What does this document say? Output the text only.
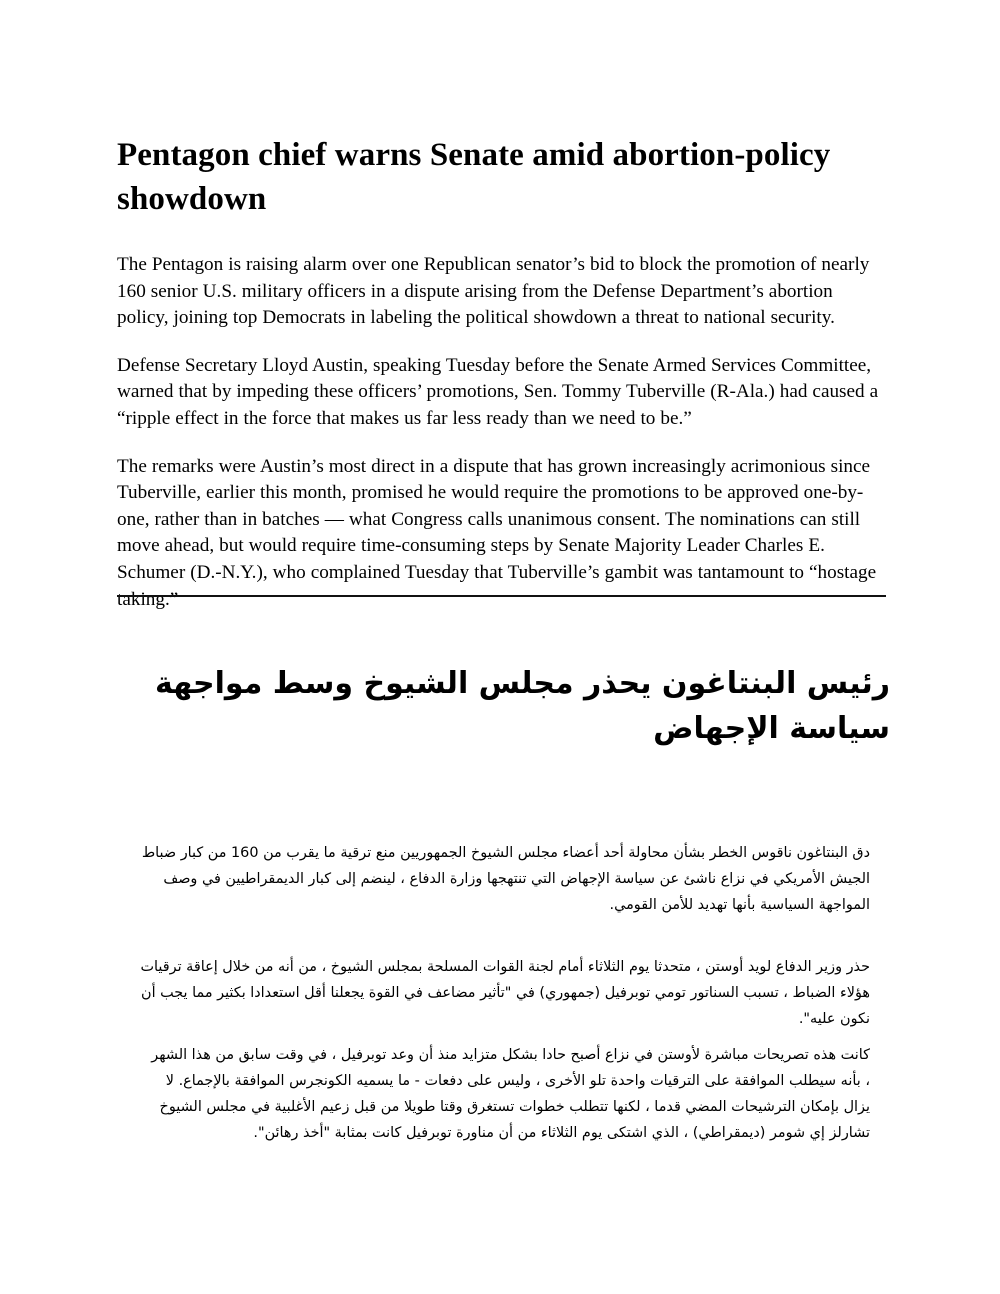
Pentagon chief warns Senate amid abortion-policy showdown

The Pentagon is raising alarm over one Republican senator’s bid to block the promotion of nearly 160 senior U.S. military officers in a dispute arising from the Defense Department’s abortion policy, joining top Democrats in labeling the political showdown a threat to national security.

Defense Secretary Lloyd Austin, speaking Tuesday before the Senate Armed Services Committee, warned that by impeding these officers’ promotions, Sen. Tommy Tuberville (R-Ala.) had caused a “ripple effect in the force that makes us far less ready than we need to be.”

The remarks were Austin’s most direct in a dispute that has grown increasingly acrimonious since Tuberville, earlier this month, promised he would require the promotions to be approved one-by-one, rather than in batches — what Congress calls unanimous consent. The nominations can still move ahead, but would require time-consuming steps by Senate Majority Leader Charles E. Schumer (D.-N.Y.), who complained Tuesday that Tuberville’s gambit was tantamount to “hostage taking.”

رئيس البنتاغون يحذر مجلس الشيوخ وسط مواجهة سياسة الإجهاض

دق البنتاغون ناقوس الخطر بشأن محاولة أحد أعضاء مجلس الشيوخ الجمهوريين منع ترقية ما يقرب من 160 من كبار ضباط الجيش الأمريكي في نزاع ناشئ عن سياسة الإجهاض التي تنتهجها وزارة الدفاع ، لينضم إلى كبار الديمقراطيين في وصف المواجهة السياسية بأنها تهديد للأمن القومي.

حذر وزير الدفاع لويد أوستن ، متحدثا يوم الثلاثاء أمام لجنة القوات المسلحة بمجلس الشيوخ ، من أنه من خلال إعاقة ترقيات هؤلاء الضباط ، تسبب السناتور تومي توبرفيل (جمهوري) في "تأثير مضاعف في القوة يجعلنا أقل استعدادا بكثير مما يجب أن نكون عليه".

كانت هذه تصريحات مباشرة لأوستن في نزاع أصبح حادا بشكل متزايد منذ أن وعد توبرفيل ، في وقت سابق من هذا الشهر ، بأنه سيطلب الموافقة على الترقيات واحدة تلو الأخرى ، وليس على دفعات - ما يسميه الكونجرس الموافقة بالإجماع. لا يزال بإمكان الترشيحات المضي قدما ، لكنها تتطلب خطوات تستغرق وقتا طويلا من قبل زعيم الأغلبية في مجلس الشيوخ تشارلز إي شومر (ديمقراطي) ، الذي اشتكى يوم الثلاثاء من أن مناورة توبرفيل كانت بمثابة "أخذ رهائن".
